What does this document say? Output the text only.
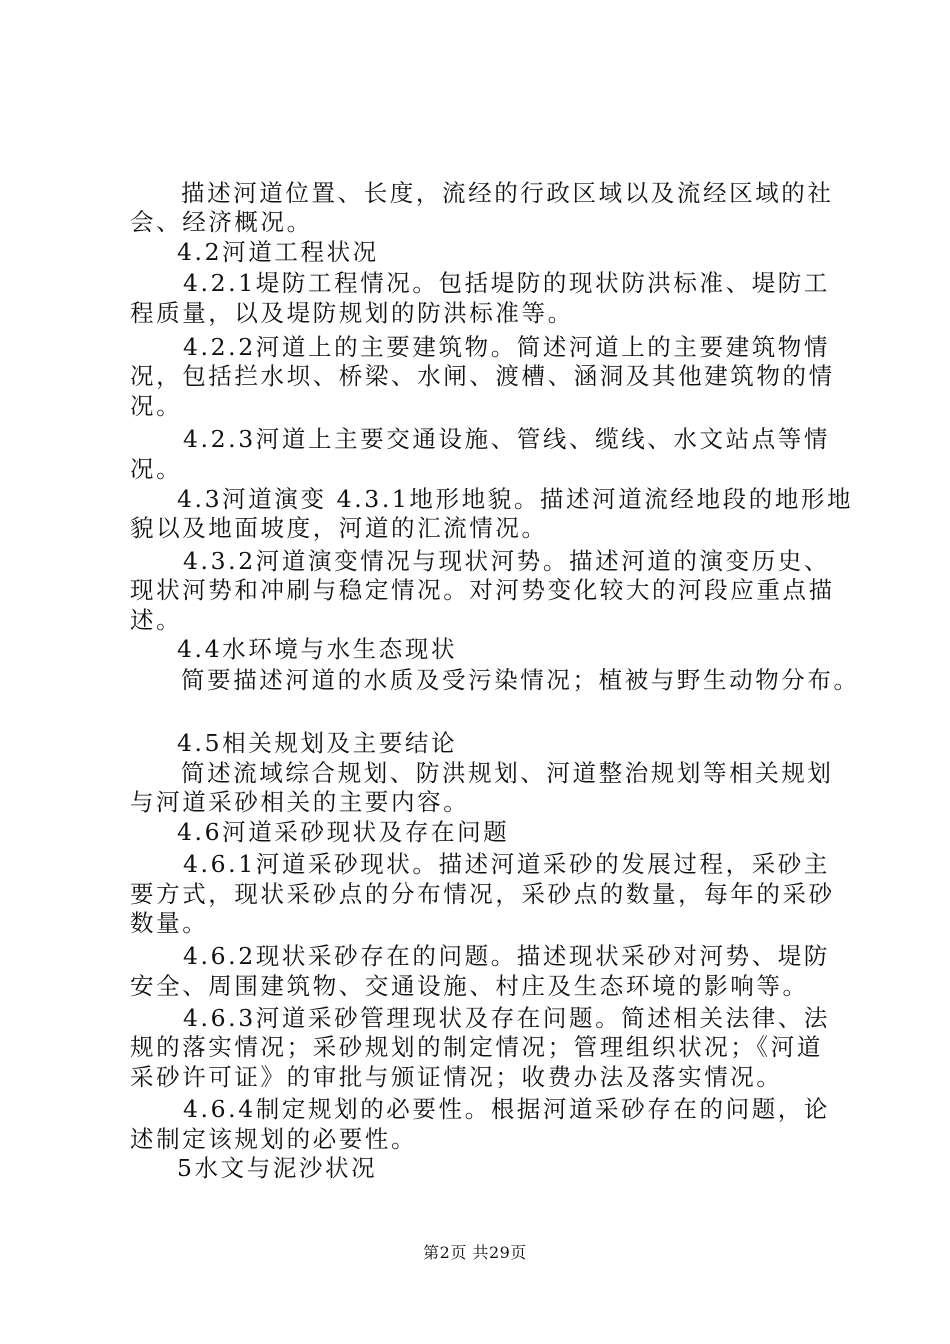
描述河道位置、长度，流经的行政区域以及流经区域的社
会、经济概况。
4.2河道工程状况
4.2.1堤防工程情况。包括堤防的现状防洪标准、堤防工
程质量，以及堤防规划的防洪标准等。
4.2.2河道上的主要建筑物。简述河道上的主要建筑物情
况，包括拦水坝、桥梁、水闸、渡槽、涵洞及其他建筑物的情
况。
4.2.3河道上主要交通设施、管线、缆线、水文站点等情
况。
4.3河道演变 4.3.1地形地貌。描述河道流经地段的地形地
貌以及地面坡度，河道的汇流情况。
4.3.2河道演变情况与现状河势。描述河道的演变历史、
现状河势和冲刷与稳定情况。对河势变化较大的河段应重点描
述。
4.4水环境与水生态现状
简要描述河道的水质及受污染情况；植被与野生动物分布。
4.5相关规划及主要结论
简述流域综合规划、防洪规划、河道整治规划等相关规划
与河道采砂相关的主要内容。
4.6河道采砂现状及存在问题
4.6.1河道采砂现状。描述河道采砂的发展过程，采砂主
要方式，现状采砂点的分布情况，采砂点的数量，每年的采砂
数量。
4.6.2现状采砂存在的问题。描述现状采砂对河势、堤防
安全、周围建筑物、交通设施、村庄及生态环境的影响等。
4.6.3河道采砂管理现状及存在问题。简述相关法律、法
规的落实情况；采砂规划的制定情况；管理组织状况；《河道
采砂许可证》的审批与颁证情况；收费办法及落实情况。
4.6.4制定规划的必要性。根据河道采砂存在的问题，论
述制定该规划的必要性。
5水文与泥沙状况
第2页 共29页
